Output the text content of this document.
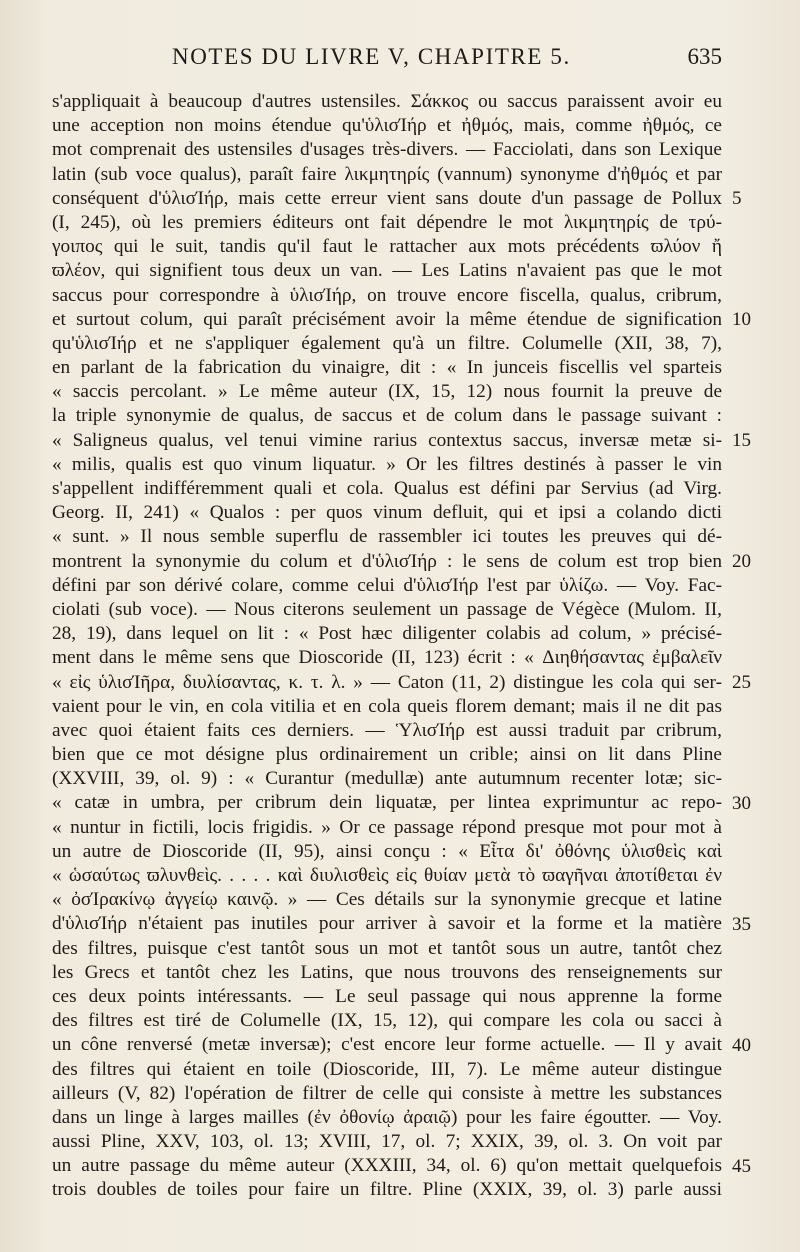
NOTES DU LIVRE V, CHAPITRE 5.	635
s'appliquait à beaucoup d'autres ustensiles. Σάκκος ou saccus paraissent avoir eu
une acception non moins étendue qu'ὑλισΊήρ et ἠθμός, mais, comme ἠθμός, ce
mot comprenait des ustensiles d'usages très-divers. — Facciolati, dans son Lexique
latin (sub voce qualus), paraît faire λικμητηρίς (vannum) synonyme d'ἠθμός et par
conséquent d'ὑλισΊήρ, mais cette erreur vient sans doute d'un passage de Pollux
(I, 245), où les premiers éditeurs ont fait dépendre le mot λικμητηρίς de τρύ-
γοιπος qui le suit, tandis qu'il faut le rattacher aux mots précédents ϖλύον ἤ
ϖλέον, qui signifient tous deux un van. — Les Latins n'avaient pas que le mot
saccus pour correspondre à ὑλισΊήρ, on trouve encore fiscella, qualus, cribrum,
et surtout colum, qui paraît précisément avoir la même étendue de signification
qu'ὑλισΊήρ et ne s'appliquer également qu'à un filtre. Columelle (XII, 38, 7),
en parlant de la fabrication du vinaigre, dit : « In junceis fiscellis vel sparteis
« saccis percolant. » Le même auteur (IX, 15, 12) nous fournit la preuve de
la triple synonymie de qualus, de saccus et de colum dans le passage suivant :
« Saligneus qualus, vel tenui vimine rarius contextus saccus, inversæ metæ si-
« milis, qualis est quo vinum liquatur. » Or les filtres destinés à passer le vin
s'appellent indifféremment quali et cola. Qualus est défini par Servius (ad Virg.
Georg. II, 241) « Qualos : per quos vinum defluit, qui et ipsi a colando dicti
« sunt. » Il nous semble superflu de rassembler ici toutes les preuves qui dé-
montrent la synonymie du colum et d'ὑλισΊήρ : le sens de colum est trop bien
défini par son dérivé colare, comme celui d'ὑλισΊήρ l'est par ὑλίζω. — Voy. Fac-
ciolati (sub voce). — Nous citerons seulement un passage de Végèce (Mulom. II,
28, 19), dans lequel on lit : « Post hæc diligenter colabis ad colum, » précisé-
ment dans le même sens que Dioscoride (II, 123) écrit : « Διηθήσαντας ἐμβαλεῖν
« εἰς ὑλισΊῆρα, διυλίσαντας, κ. τ. λ. » — Caton (11, 2) distingue les cola qui ser-
vaient pour le vin, en cola vitilia et en cola queis florem demant; mais il ne dit pas
avec quoi étaient faits ces derniers. — ὙλισΊήρ est aussi traduit par cribrum,
bien que ce mot désigne plus ordinairement un crible; ainsi on lit dans Pline
(XXVIII, 39, ol. 9) : « Curantur (medullæ) ante autumnum recenter lotæ; sic-
« catæ in umbra, per cribrum dein liquatæ, per lintea exprimuntur ac repo-
« nuntur in fictili, locis frigidis. » Or ce passage répond presque mot pour mot à
un autre de Dioscoride (II, 95), ainsi conçu : « Εἶτα δι' ὀθόνης ὑλισθεὶς καὶ
« ὡσαύτως ϖλυνθεὶς. . . . . καὶ διυλισθεὶς εἰς θυίαν μετὰ τὸ ϖαγῆναι ἀποτίθεται ἐν
« ὀσΊρακίνῳ ἀγγείῳ καινῷ. » — Ces détails sur la synonymie grecque et latine
d'ὑλισΊήρ n'étaient pas inutiles pour arriver à savoir et la forme et la matière
des filtres, puisque c'est tantôt sous un mot et tantôt sous un autre, tantôt chez
les Grecs et tantôt chez les Latins, que nous trouvons des renseignements sur
ces deux points intéressants. — Le seul passage qui nous apprenne la forme
des filtres est tiré de Columelle (IX, 15, 12), qui compare les cola ou sacci à
un cône renversé (metæ inversæ); c'est encore leur forme actuelle. — Il y avait
des filtres qui étaient en toile (Dioscoride, III, 7). Le même auteur distingue
ailleurs (V, 82) l'opération de filtrer de celle qui consiste à mettre les substances
dans un linge à larges mailles (ἐν ὀθονίῳ ἀραιῷ) pour les faire égoutter. — Voy.
aussi Pline, XXV, 103, ol. 13; XVIII, 17, ol. 7; XXIX, 39, ol. 3. On voit par
un autre passage du même auteur (XXXIII, 34, ol. 6) qu'on mettait quelquefois
trois doubles de toiles pour faire un filtre. Pline (XXIX, 39, ol. 3) parle aussi
5
10
15
20
25
30
35
40
45
